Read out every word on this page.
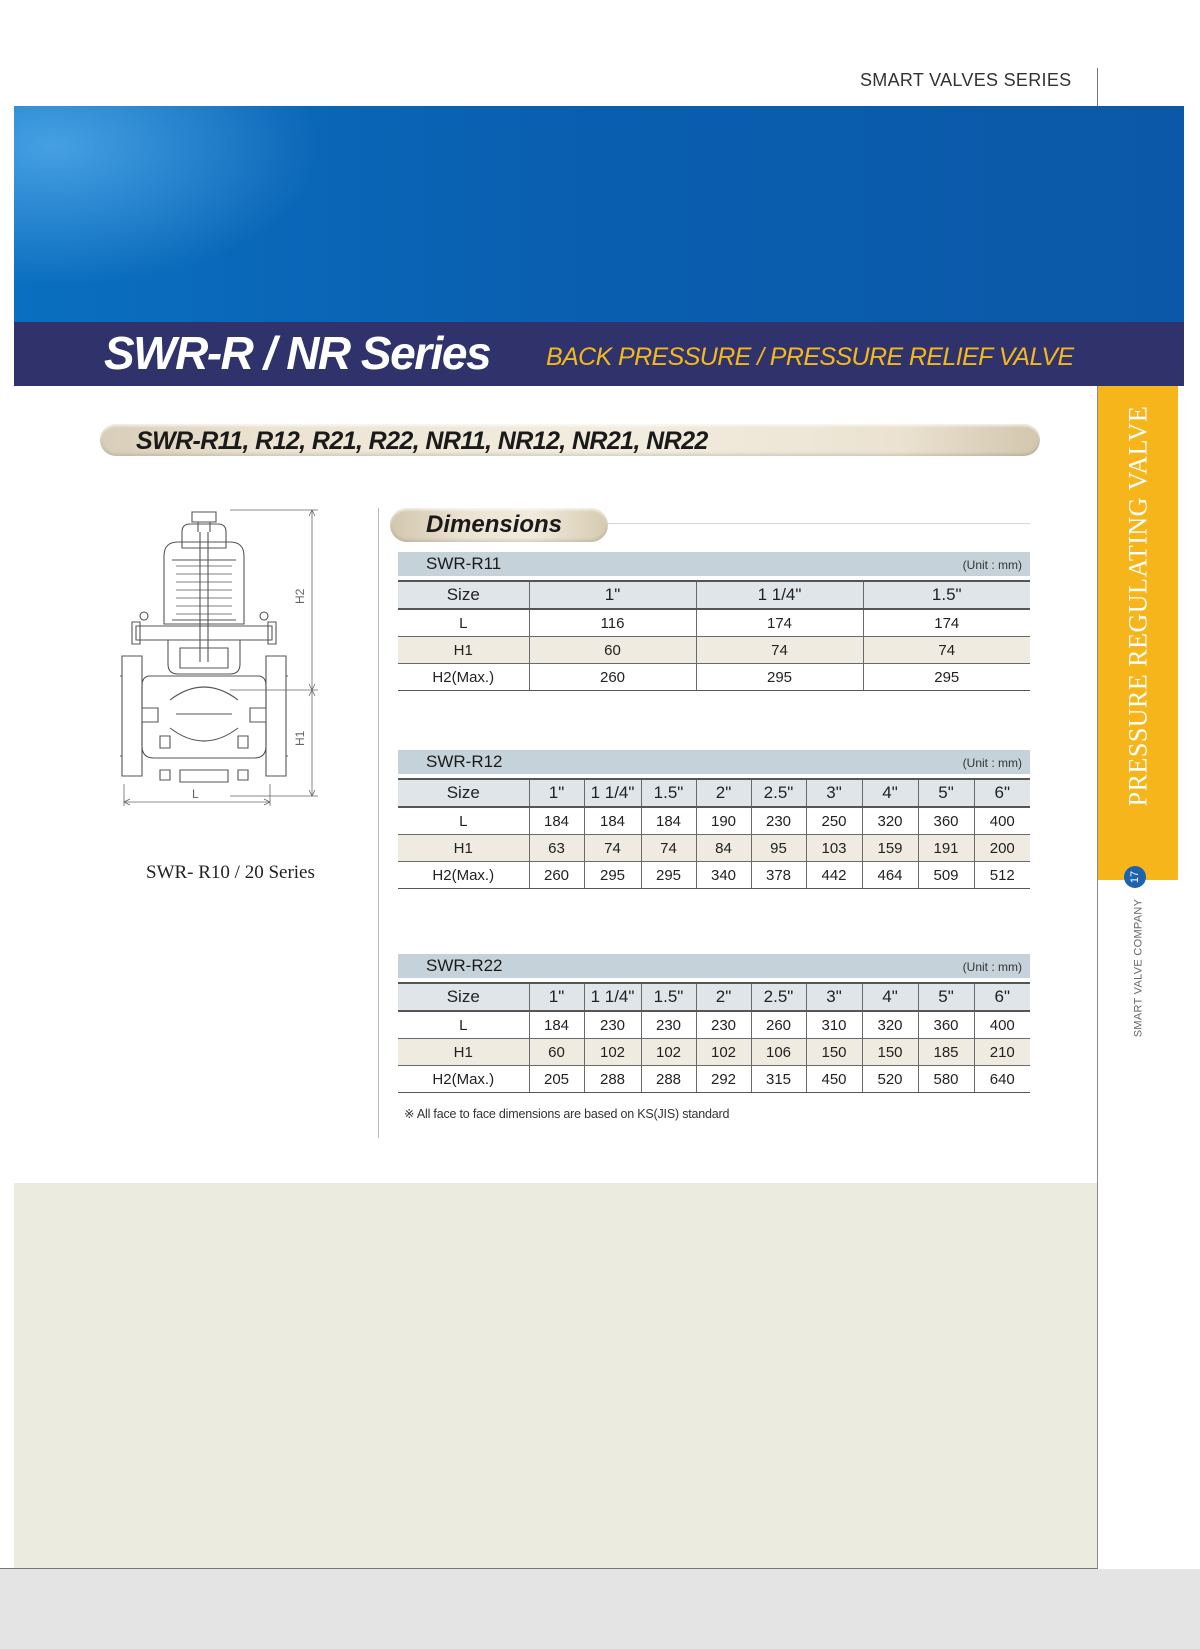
SMART VALVES SERIES
SWR-R / NR Series BACK PRESSURE / PRESSURE RELIEF VALVE
PRESSURE REGULATING VALVE
17
SMART VALVE COMPANY
SWR-R11, R12, R21, R22, NR11, NR12, NR21, NR22
H2
H1
L
SWR- R10 / 20 Series
Dimensions
SWR-R11	(Unit : mm)
Size	1"	1 1/4"	1.5"
L	116	174	174
H1	60	74	74
H2(Max.)	260	295	295
SWR-R12	(Unit : mm)
Size	1"	1 1/4"	1.5"	2"	2.5"	3"	4"	5"	6"
L	184	184	184	190	230	250	320	360	400
H1	63	74	74	84	95	103	159	191	200
H2(Max.)	260	295	295	340	378	442	464	509	512
SWR-R22	(Unit : mm)
Size	1"	1 1/4"	1.5"	2"	2.5"	3"	4"	5"	6"
L	184	230	230	230	260	310	320	360	400
H1	60	102	102	102	106	150	150	185	210
H2(Max.)	205	288	288	292	315	450	520	580	640
※ All face to face dimensions are based on KS(JIS) standard
